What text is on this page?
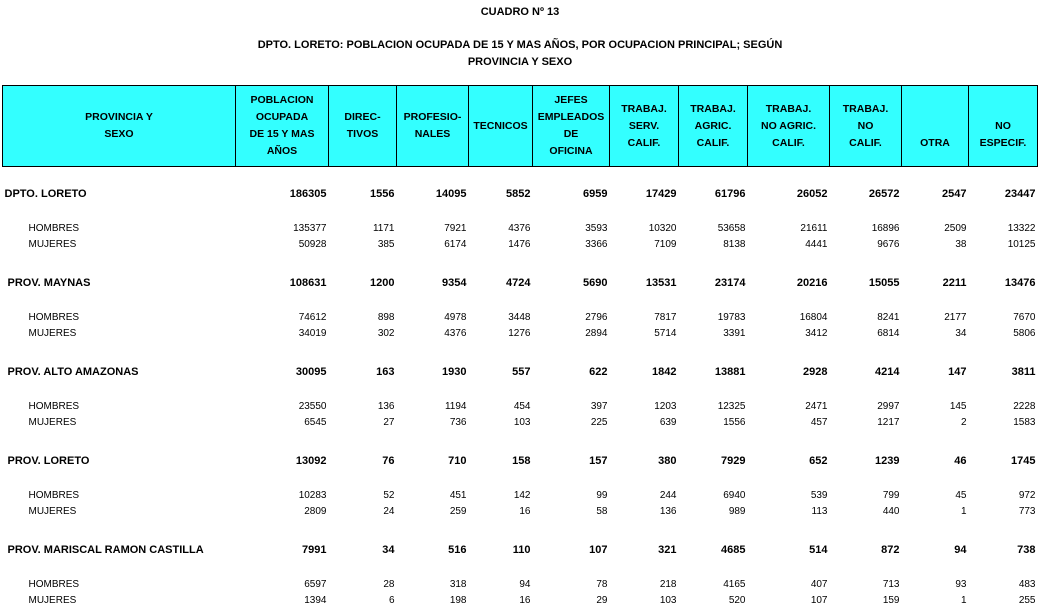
CUADRO Nº 13
DPTO. LORETO: POBLACION OCUPADA DE 15 Y MAS AÑOS, POR OCUPACION PRINCIPAL; SEGÚN
PROVINCIA Y SEXO
PROVINCIA Y
SEXO	POBLACION
OCUPADA
DE 15 Y MAS
AÑOS	DIREC-
TIVOS	PROFESIO-
NALES	TECNICOS	JEFES
EMPLEADOS
DE
OFICINA	TRABAJ.
SERV.
CALIF.	TRABAJ.
AGRIC.
CALIF.	TRABAJ.
NO AGRIC.
CALIF.	TRABAJ.
NO
CALIF.	OTRA	NO
ESPECIF.

DPTO. LORETO	186305	1556	14095	5852	6959	17429	61796	26052	26572	2547	23447

HOMBRES	135377	1171	7921	4376	3593	10320	53658	21611	16896	2509	13322
MUJERES	50928	385	6174	1476	3366	7109	8138	4441	9676	38	10125

PROV. MAYNAS	108631	1200	9354	4724	5690	13531	23174	20216	15055	2211	13476

HOMBRES	74612	898	4978	3448	2796	7817	19783	16804	8241	2177	7670
MUJERES	34019	302	4376	1276	2894	5714	3391	3412	6814	34	5806

PROV. ALTO AMAZONAS	30095	163	1930	557	622	1842	13881	2928	4214	147	3811

HOMBRES	23550	136	1194	454	397	1203	12325	2471	2997	145	2228
MUJERES	6545	27	736	103	225	639	1556	457	1217	2	1583

PROV. LORETO	13092	76	710	158	157	380	7929	652	1239	46	1745

HOMBRES	10283	52	451	142	99	244	6940	539	799	45	972
MUJERES	2809	24	259	16	58	136	989	113	440	1	773

PROV. MARISCAL RAMON CASTILLA	7991	34	516	110	107	321	4685	514	872	94	738

HOMBRES	6597	28	318	94	78	218	4165	407	713	93	483
MUJERES	1394	6	198	16	29	103	520	107	159	1	255
